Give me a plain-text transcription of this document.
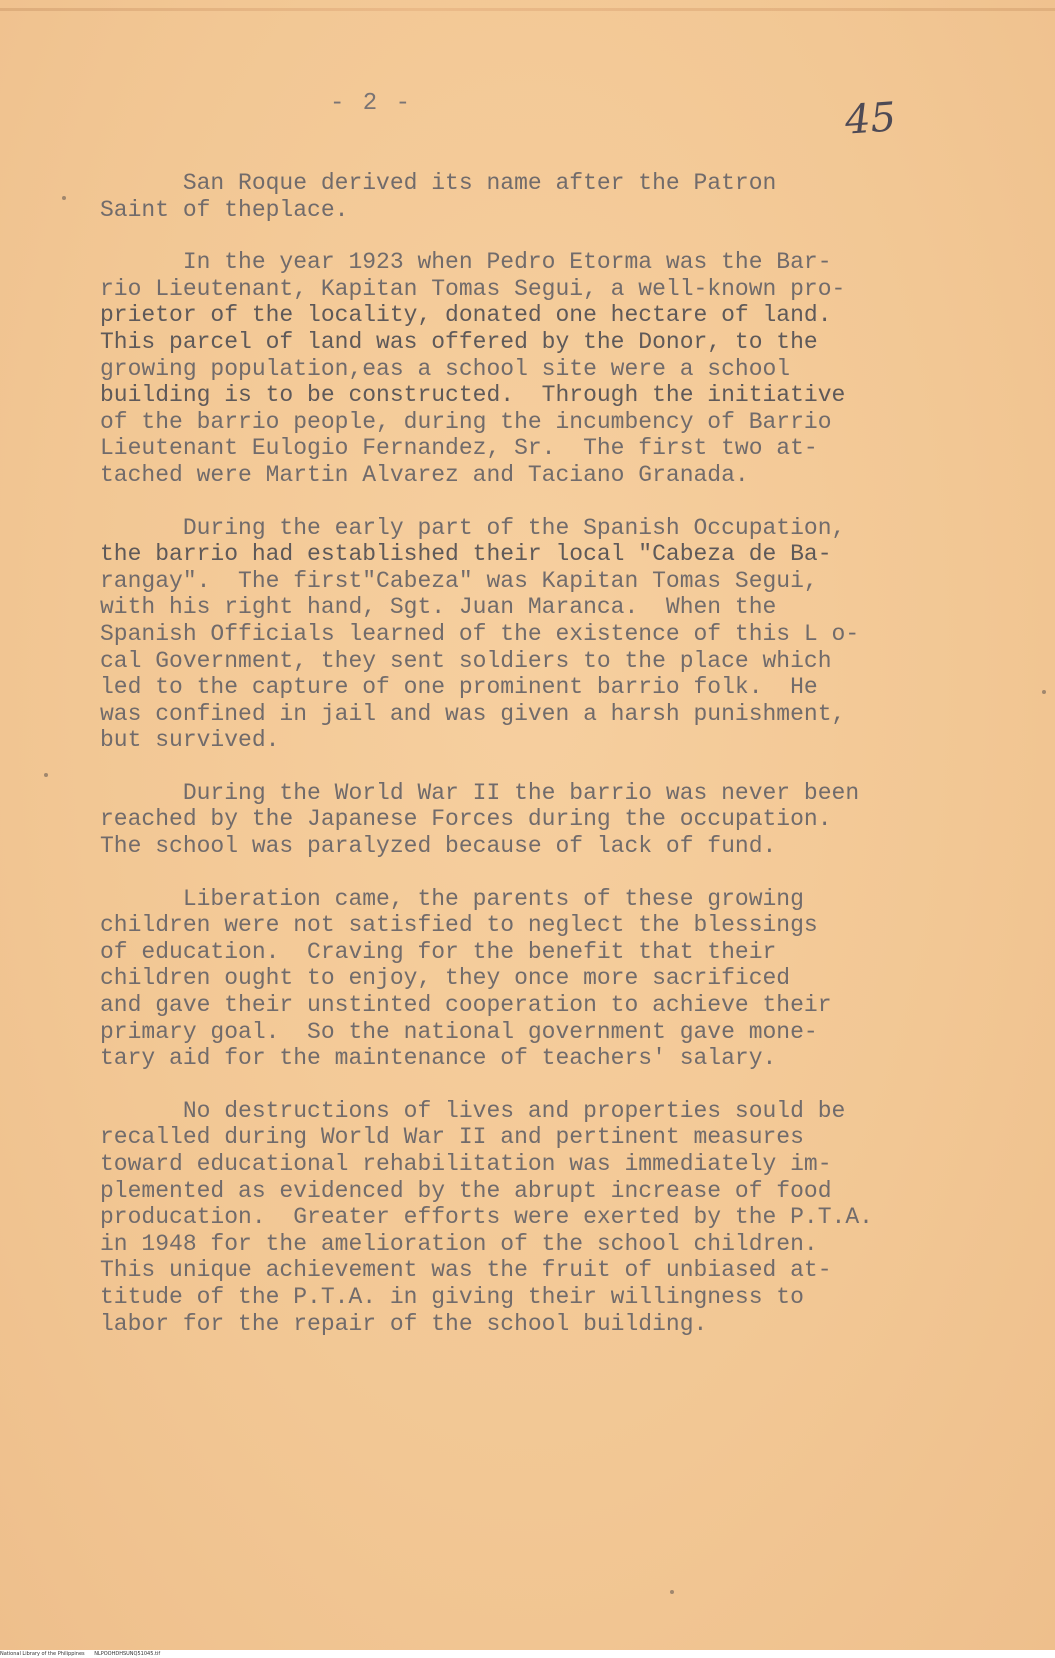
- 2 -	45
San Roque derived its name after the Patron
Saint of theplace.
In the year 1923 when Pedro Etorma was the Bar-
rio Lieutenant, Kapitan Tomas Segui, a well-known pro-
prietor of the locality, donated one hectare of land.
This parcel of land was offered by the Donor, to the
growing population,eas a school site were a school
building is to be constructed.  Through the initiative
of the barrio people, during the incumbency of Barrio
Lieutenant Eulogio Fernandez, Sr.  The first two at-
tached were Martin Alvarez and Taciano Granada.
During the early part of the Spanish Occupation,
the barrio had established their local "Cabeza de Ba-
rangay".  The first"Cabeza" was Kapitan Tomas Segui,
with his right hand, Sgt. Juan Maranca.  When the
Spanish Officials learned of the existence of this L o-
cal Government, they sent soldiers to the place which
led to the capture of one prominent barrio folk.  He
was confined in jail and was given a harsh punishment,
but survived.
During the World War II the barrio was never been
reached by the Japanese Forces during the occupation.
The school was paralyzed because of lack of fund.
Liberation came, the parents of these growing
children were not satisfied to neglect the blessings
of education.  Craving for the benefit that their
children ought to enjoy, they once more sacrificed
and gave their unstinted cooperation to achieve their
primary goal.  So the national government gave mone-
tary aid for the maintenance of teachers' salary.
No destructions of lives and properties sould be
recalled during World War II and pertinent measures
toward educational rehabilitation was immediately im-
plemented as evidenced by the abrupt increase of food
producation.  Greater efforts were exerted by the P.T.A.
in 1948 for the amelioration of the school children.
This unique achievement was the fruit of unbiased at-
titude of the P.T.A. in giving their willingness to
labor for the repair of the school building.
National Library of the Philippines NLPOOHDHSUNQ51045.tif
